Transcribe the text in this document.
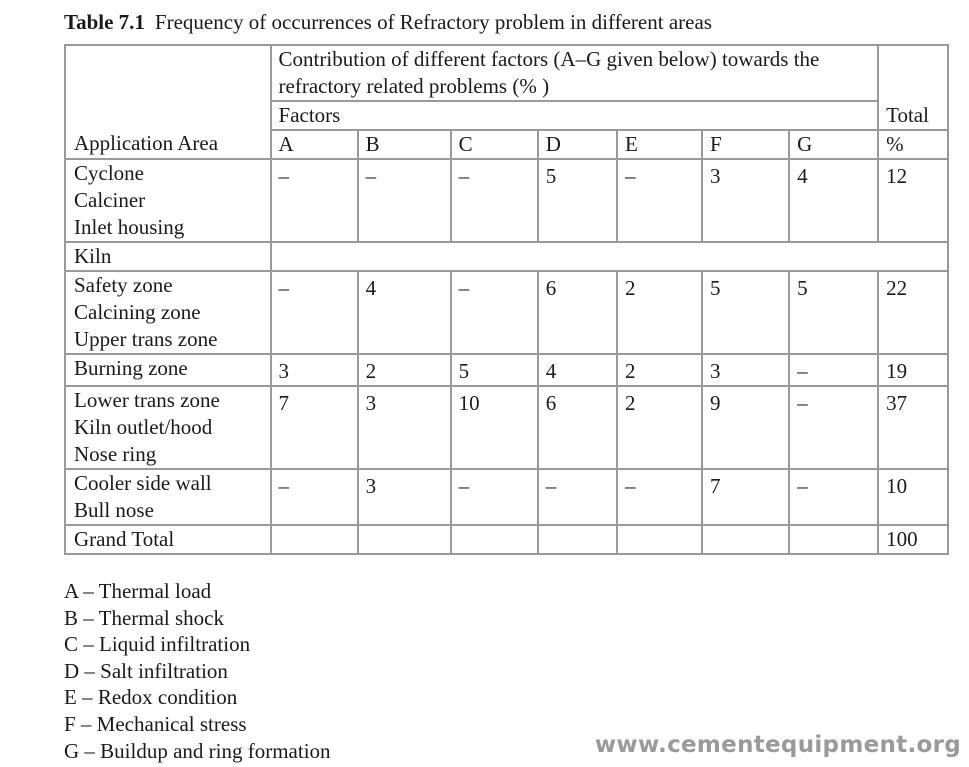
Table 7.1 Frequency of occurrences of Refractory problem in different areas
Application Area	Contribution of different factors (A–G given below) towards the refractory related problems (% )							Total
	Factors							
	A	B	C	D	E	F	G	%

Cyclone
Calciner
Inlet housing	–	–	–	5	–	3	4	12
Kiln								

Safety zone
Calcining zone
Upper trans zone	–	4	–	6	2	5	5	22

Burning zone	3	2	5	4	2	3	–	19

Lower trans zone
Kiln outlet/hood
Nose ring	7	3	10	6	2	9	–	37

Cooler side wall
Bull nose	–	3	–	–	–	7	–	10
Grand Total								100
A – Thermal load
B – Thermal shock
C – Liquid infiltration
D – Salt infiltration
E – Redox condition
F – Mechanical stress
G – Buildup and ring formation	www.cementequipment.org
